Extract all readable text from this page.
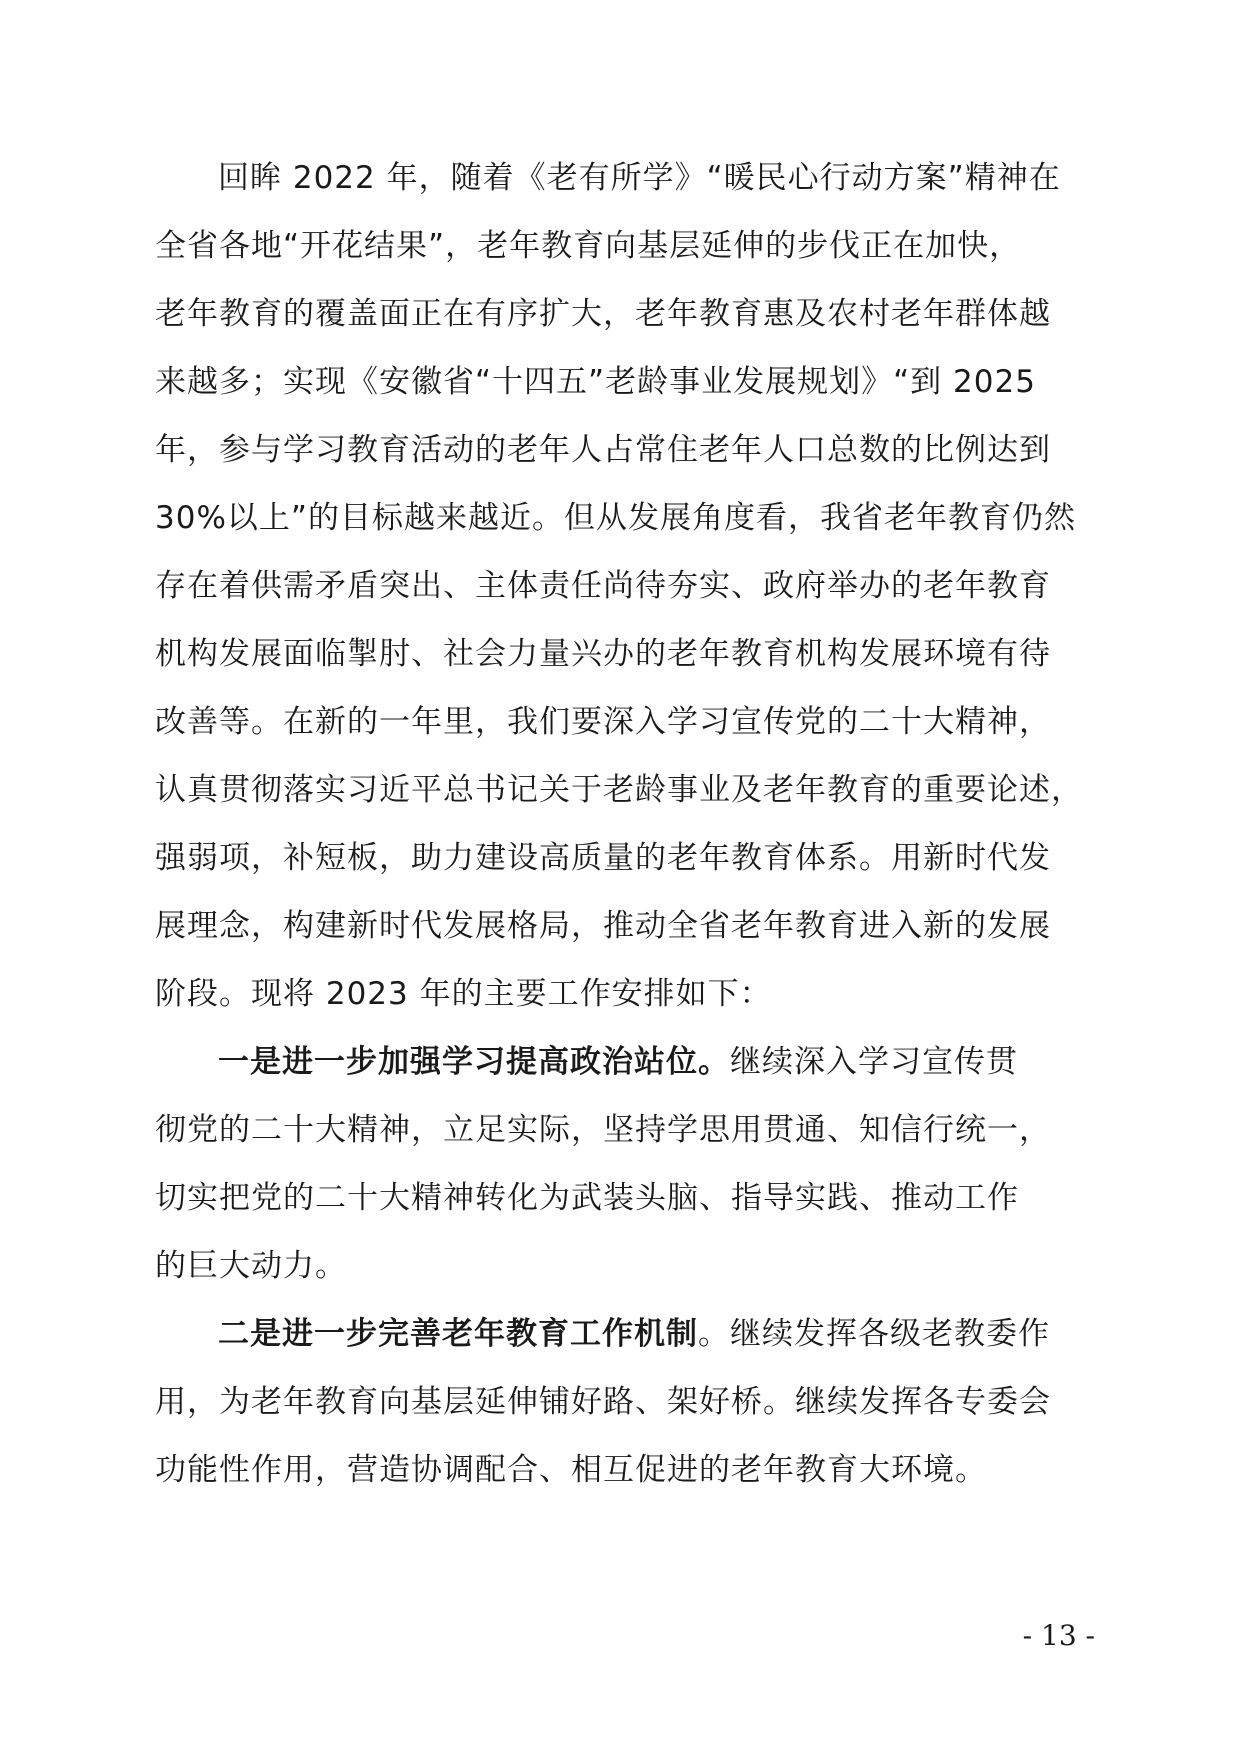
回眸 2022 年，随着《老有所学》“暖民心行动方案”精神在
全省各地“开花结果”，老年教育向基层延伸的步伐正在加快，
老年教育的覆盖面正在有序扩大，老年教育惠及农村老年群体越
来越多；实现《安徽省“十四五”老龄事业发展规划》“到 2025
年，参与学习教育活动的老年人占常住老年人口总数的比例达到
30%以上”的目标越来越近。但从发展角度看，我省老年教育仍然
存在着供需矛盾突出、主体责任尚待夯实、政府举办的老年教育
机构发展面临掣肘、社会力量兴办的老年教育机构发展环境有待
改善等。在新的一年里，我们要深入学习宣传党的二十大精神，
认真贯彻落实习近平总书记关于老龄事业及老年教育的重要论述，
强弱项，补短板，助力建设高质量的老年教育体系。用新时代发
展理念，构建新时代发展格局，推动全省老年教育进入新的发展
阶段。现将 2023 年的主要工作安排如下：
一是进一步加强学习提高政治站位。继续深入学习宣传贯
彻党的二十大精神，立足实际，坚持学思用贯通、知信行统一，
切实把党的二十大精神转化为武装头脑、指导实践、推动工作
的巨大动力。
二是进一步完善老年教育工作机制。继续发挥各级老教委作
用，为老年教育向基层延伸铺好路、架好桥。继续发挥各专委会
功能性作用，营造协调配合、相互促进的老年教育大环境。
- 13 -
